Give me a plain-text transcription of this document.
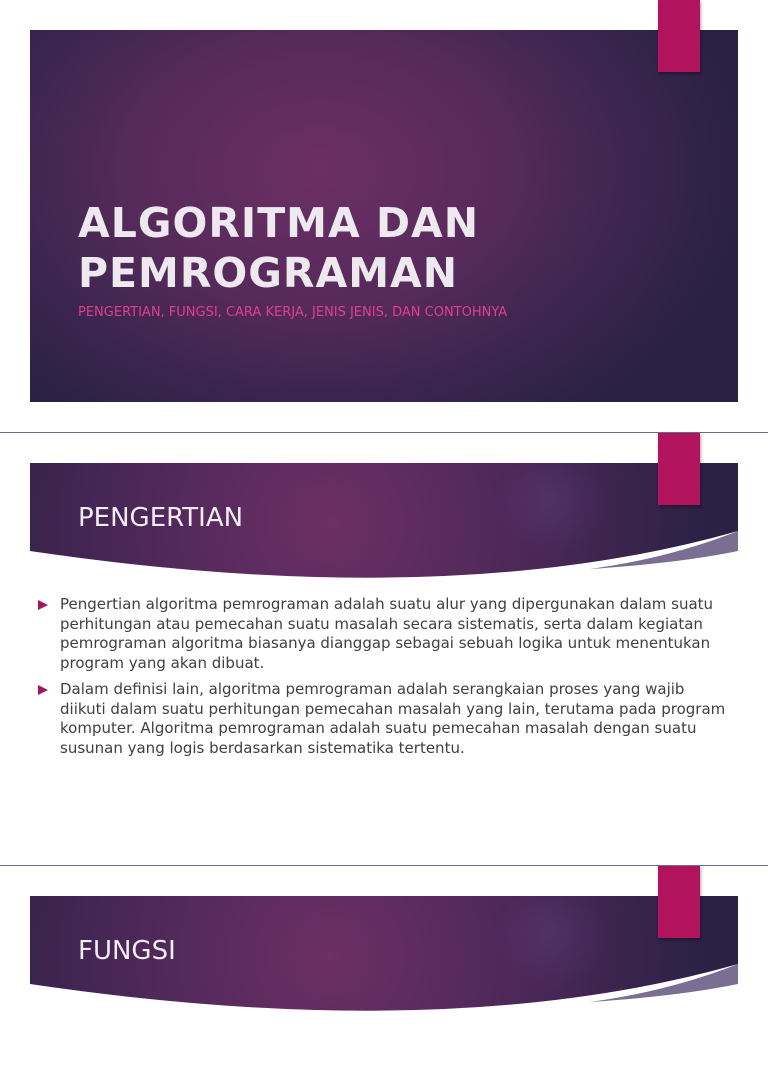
ALGORITMA DAN
PEMROGRAMAN

PENGERTIAN, FUNGSI, CARA KERJA, JENIS JENIS, DAN CONTOHNYA

PENGERTIAN
Pengertian algoritma pemrograman adalah suatu alur yang dipergunakan dalam suatu perhitungan atau pemecahan suatu masalah secara sistematis, serta dalam kegiatan pemrograman algoritma biasanya dianggap sebagai sebuah logika untuk menentukan program yang akan dibuat.
Dalam definisi lain, algoritma pemrograman adalah serangkaian proses yang wajib diikuti dalam suatu perhitungan pemecahan masalah yang lain, terutama pada program komputer. Algoritma pemrograman adalah suatu pemecahan masalah dengan suatu susunan yang logis berdasarkan sistematika tertentu.
FUNGSI
